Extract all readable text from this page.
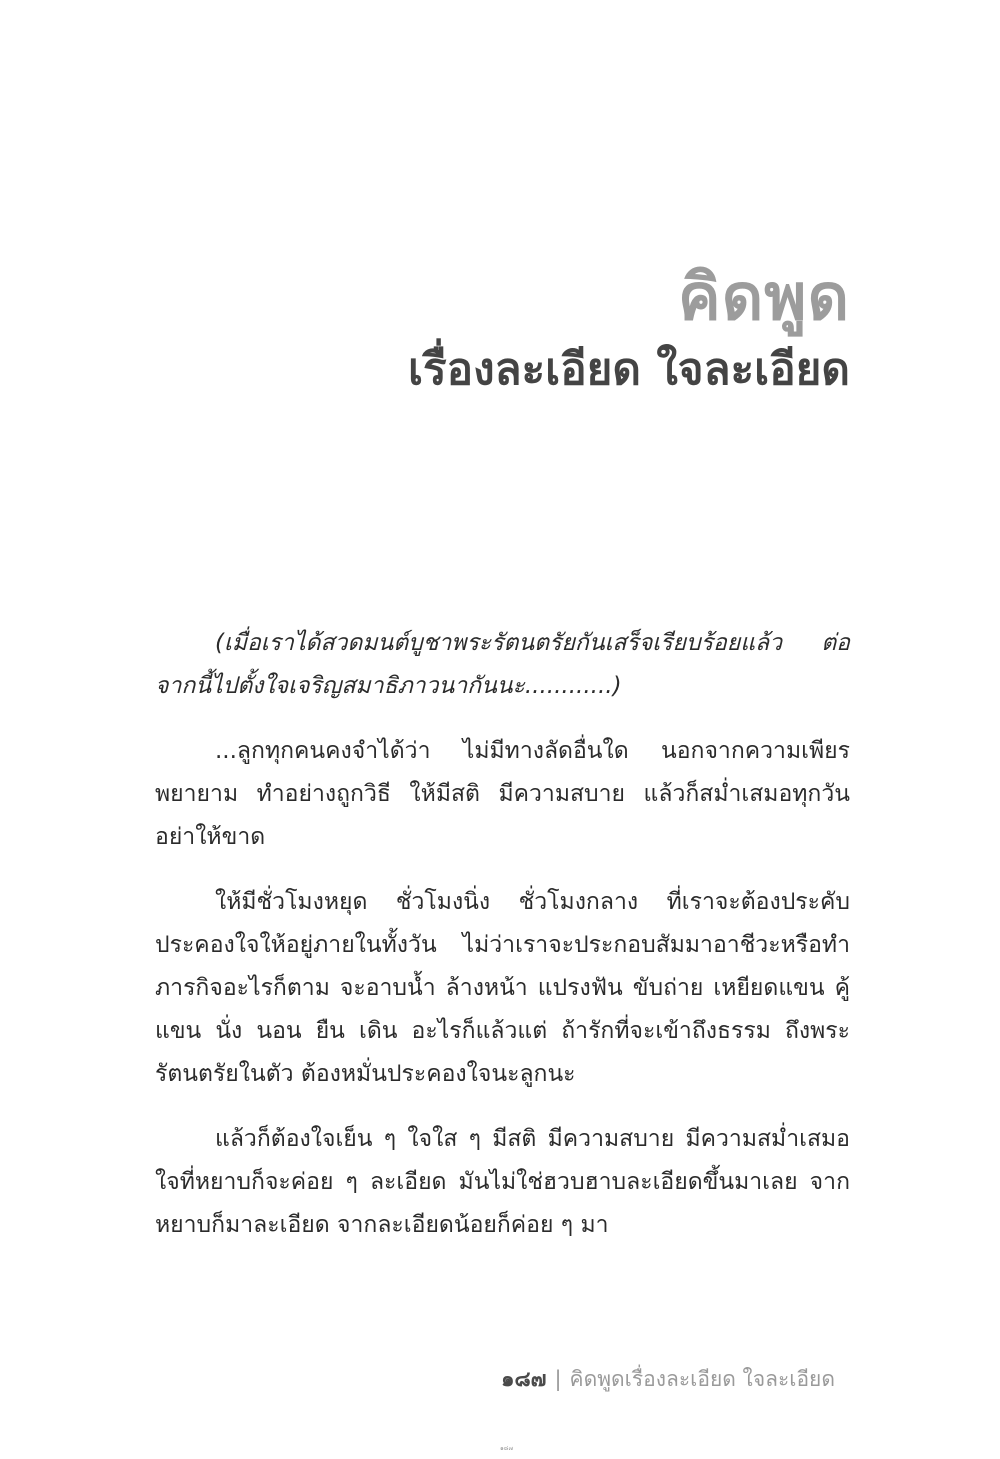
คิดพูด
เรื่องละเอียด ใจละเอียด

(เมื่อเราได้สวดมนต์บูชาพระรัตนตรัยกันเสร็จเรียบร้อยแล้ว ต่อจากนี้ไปตั้งใจเจริญสมาธิภาวนากันนะ............)

...ลูกทุกคนคงจำได้ว่า ไม่มีทางลัดอื่นใด นอกจากความเพียรพยายาม ทำอย่างถูกวิธี ให้มีสติ มีความสบาย แล้วก็สม่ำเสมอทุกวัน อย่าให้ขาด

ให้มีชั่วโมงหยุด ชั่วโมงนิ่ง ชั่วโมงกลาง ที่เราจะต้องประคับประคองใจให้อยู่ภายในทั้งวัน ไม่ว่าเราจะประกอบสัมมาอาชีวะหรือทำภารกิจอะไรก็ตาม จะอาบน้ำ ล้างหน้า แปรงฟัน ขับถ่าย เหยียดแขน คู้แขน นั่ง นอน ยืน เดิน อะไรก็แล้วแต่ ถ้ารักที่จะเข้าถึงธรรม ถึงพระรัตนตรัยในตัว ต้องหมั่นประคองใจนะลูกนะ

แล้วก็ต้องใจเย็น ๆ ใจใส ๆ มีสติ มีความสบาย มีความสม่ำเสมอ ใจที่หยาบก็จะค่อย ๆ ละเอียด มันไม่ใช่ฮวบฮาบละเอียดขึ้นมาเลย จากหยาบก็มาละเอียด จากละเอียดน้อยก็ค่อย ๆ มา

๑๘๗ | คิดพูดเรื่องละเอียด ใจละเอียด
๑๘๗
